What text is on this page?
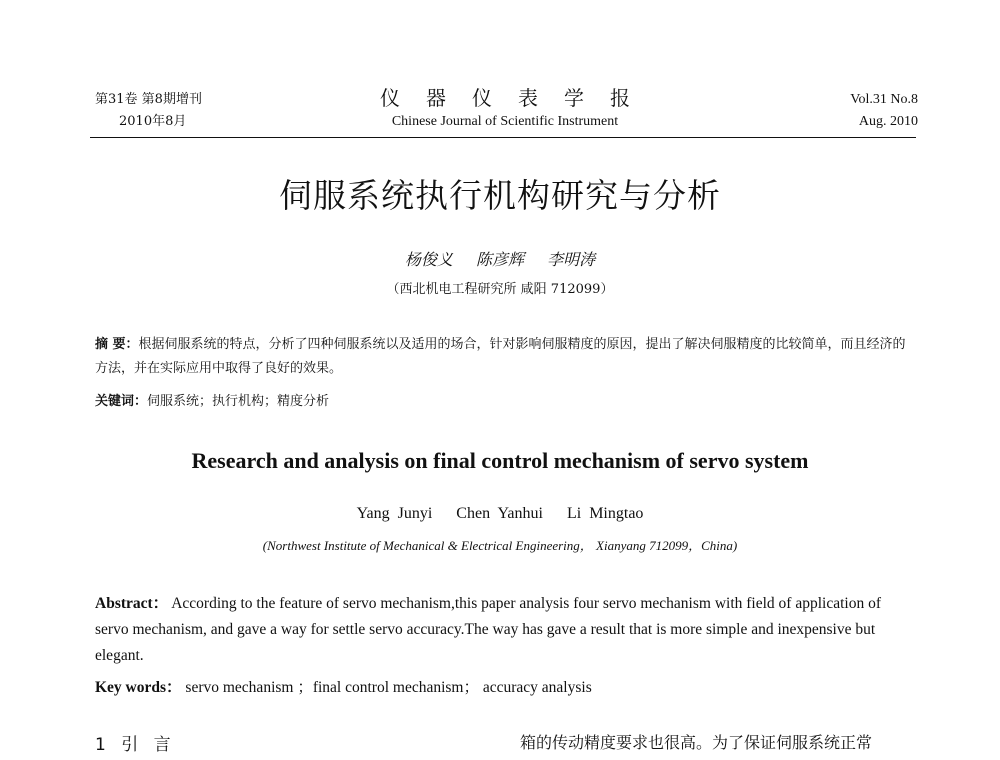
第31卷 第8期增刊
2010年8月
仪器仪表学报
Chinese Journal of Scientific Instrument
Vol.31 No.8
Aug. 2010
伺服系统执行机构研究与分析
杨俊义 陈彦辉 李明涛
（西北机电工程研究所 咸阳 712099）
摘 要：根据伺服系统的特点，分析了四种伺服系统以及适用的场合，针对影响伺服精度的原因，提出了解决伺服精度的比较简单，而且经济的方法，并在实际应用中取得了良好的效果。
关键词：伺服系统；执行机构；精度分析
Research and analysis on final control mechanism of servo system
Yang Junyi Chen Yanhui Li Mingtao
(Northwest Institute of Mechanical & Electrical Engineering， Xianyang 712099，China)
Abstract： According to the feature of servo mechanism,this paper analysis four servo mechanism with field of application of servo mechanism, and gave a way for settle servo accuracy.The way has gave a result that is more simple and inexpensive but elegant.
Key words： servo mechanism ；final control mechanism； accuracy analysis
1 引 言	箱的传动精度要求也很高。为了保证伺服系统正常
